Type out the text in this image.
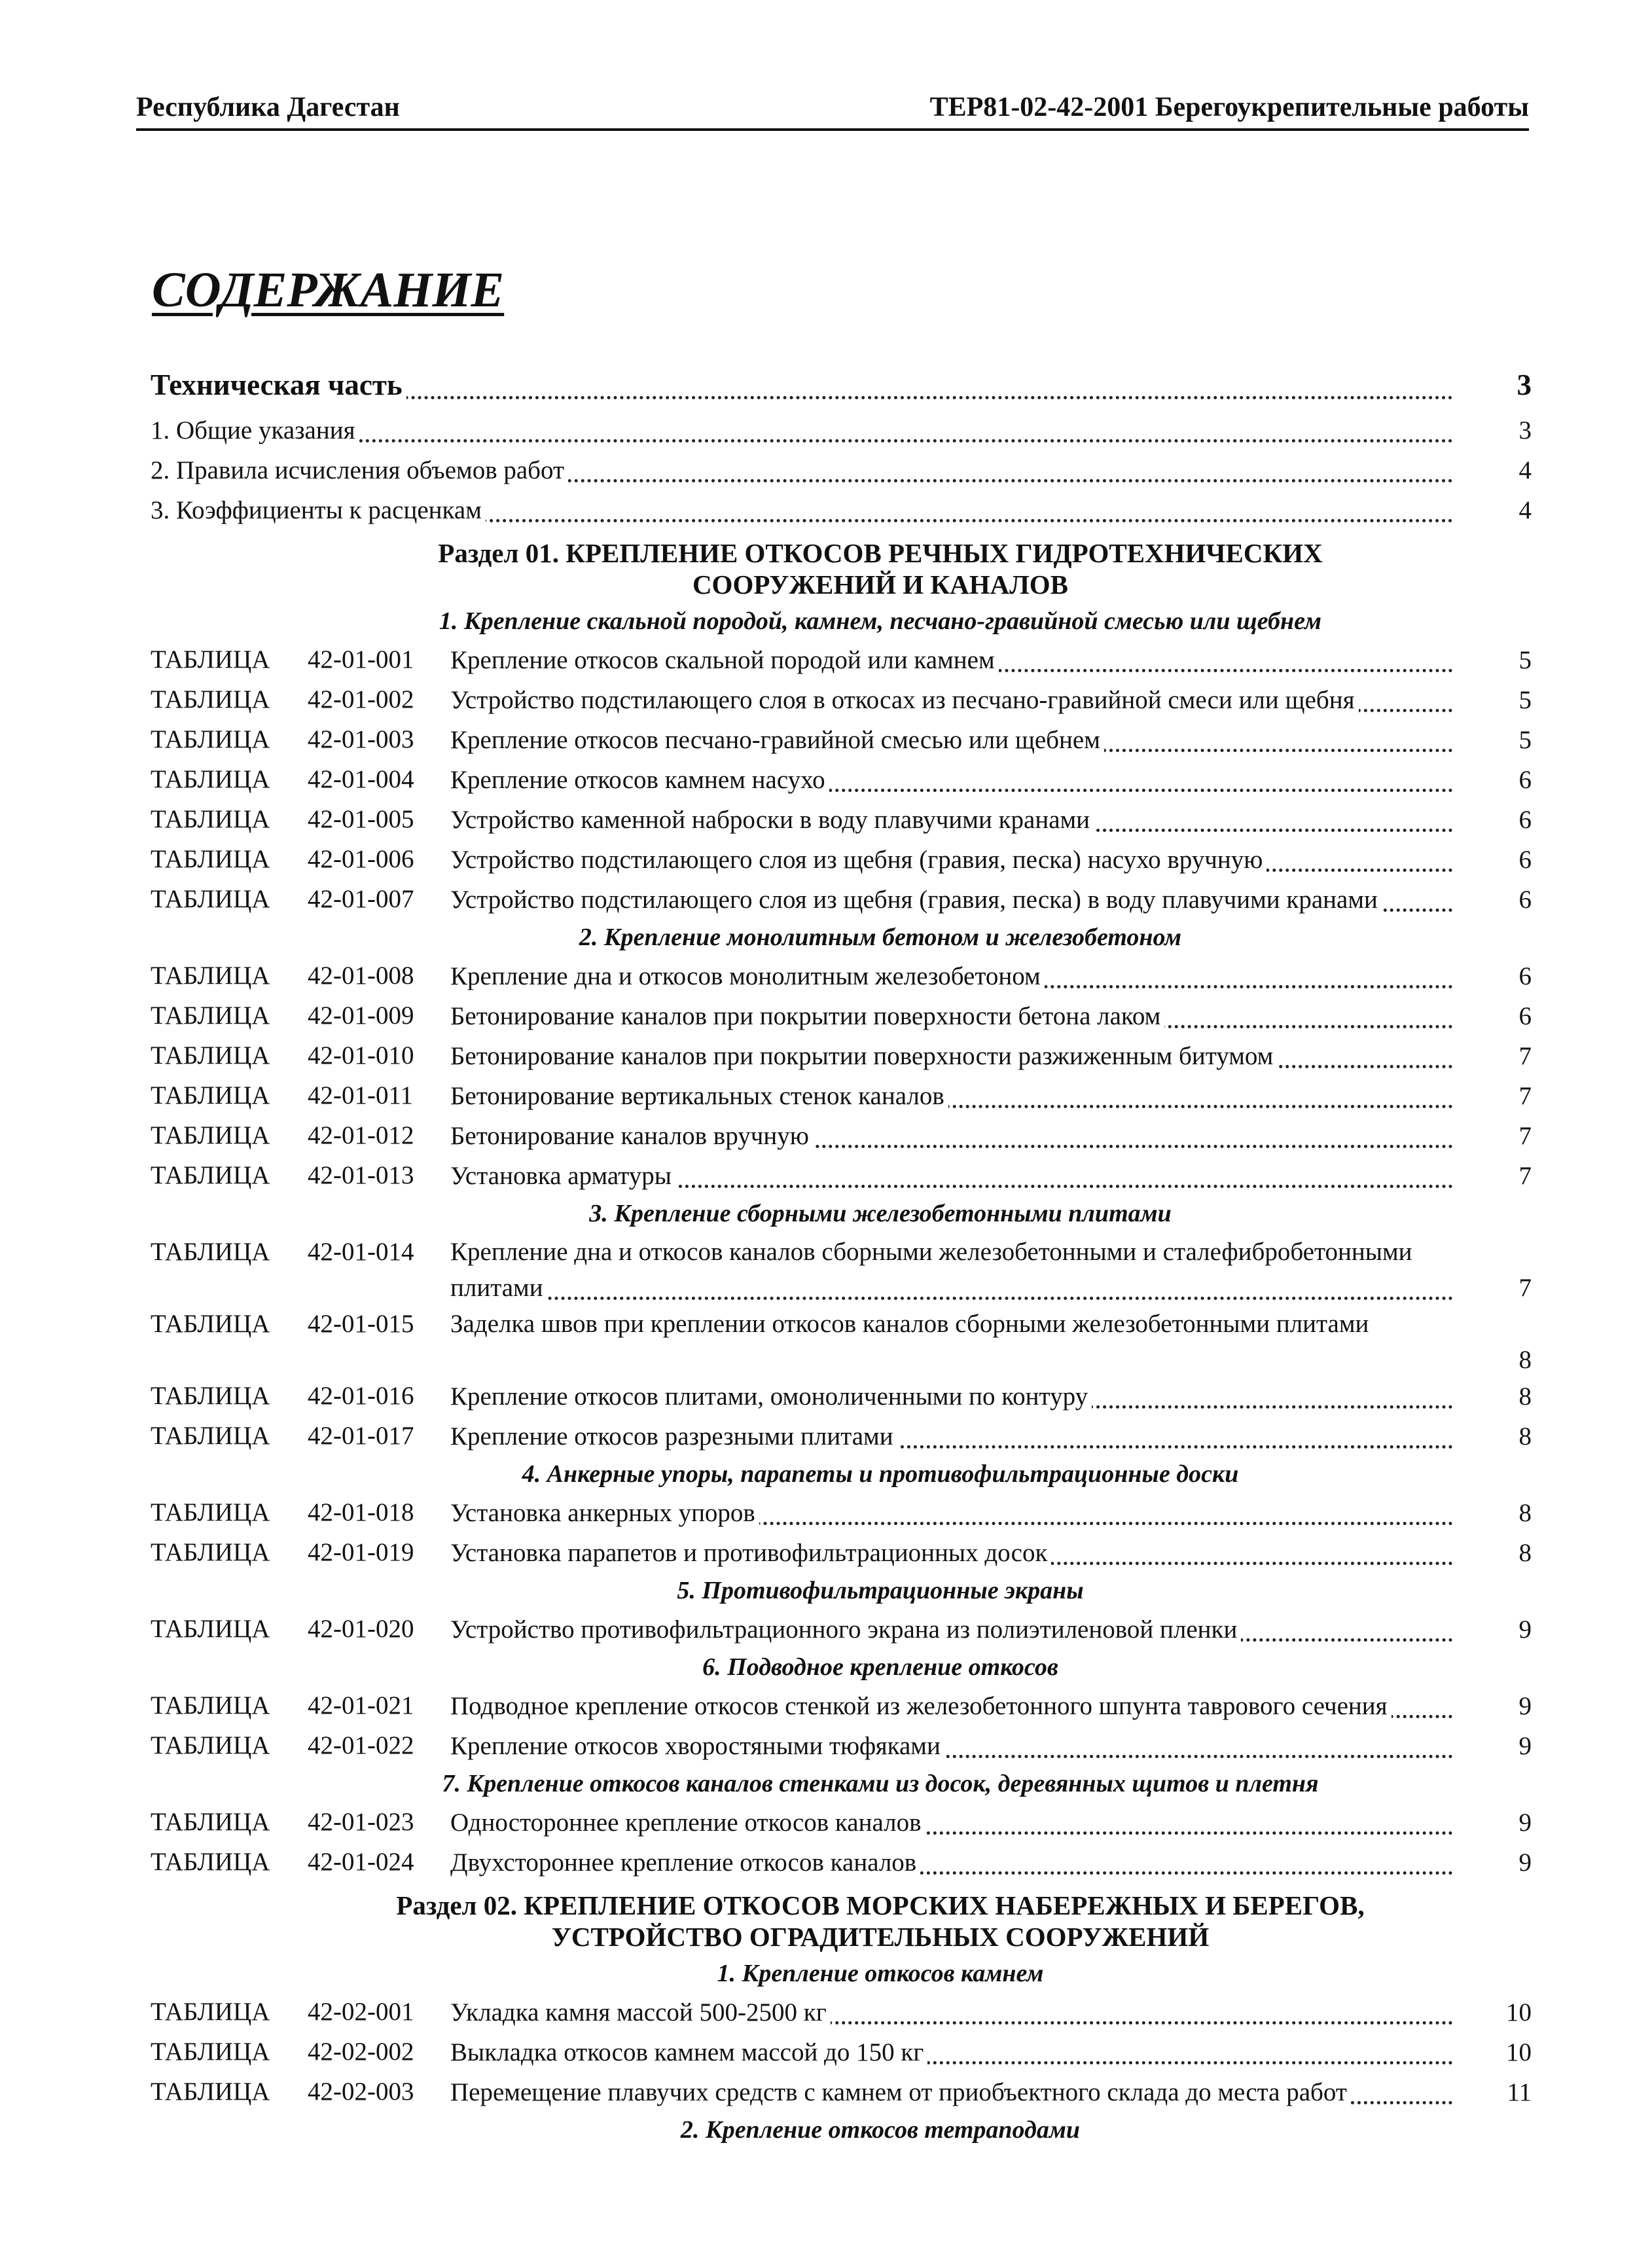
Республика Дагестан	ТЕР81-02-42-2001 Берегоукрепительные работы
СОДЕРЖАНИЕ
Техническая часть	3
1. Общие указания	3
2. Правила исчисления объемов работ	4
3. Коэффициенты к расценкам	4
Раздел 01. КРЕПЛЕНИЕ ОТКОСОВ РЕЧНЫХ ГИДРОТЕХНИЧЕСКИХ
СООРУЖЕНИЙ И КАНАЛОВ
1. Крепление скальной породой, камнем, песчано-гравийной смесью или щебнем
ТАБЛИЦА 42-01-001 Крепление откосов скальной породой или камнем	5
ТАБЛИЦА 42-01-002 Устройство подстилающего слоя в откосах из песчано-гравийной смеси или щебня	5
ТАБЛИЦА 42-01-003 Крепление откосов песчано-гравийной смесью или щебнем	5
ТАБЛИЦА 42-01-004 Крепление откосов камнем насухо	6
ТАБЛИЦА 42-01-005 Устройство каменной наброски в воду плавучими кранами	6
ТАБЛИЦА 42-01-006 Устройство подстилающего слоя из щебня (гравия, песка) насухо вручную	6
ТАБЛИЦА 42-01-007 Устройство подстилающего слоя из щебня (гравия, песка) в воду плавучими кранами	6
2. Крепление монолитным бетоном и железобетоном
ТАБЛИЦА 42-01-008 Крепление дна и откосов монолитным железобетоном	6
ТАБЛИЦА 42-01-009 Бетонирование каналов при покрытии поверхности бетона лаком	6
ТАБЛИЦА 42-01-010 Бетонирование каналов при покрытии поверхности разжиженным битумом	7
ТАБЛИЦА 42-01-011 Бетонирование вертикальных стенок каналов	7
ТАБЛИЦА 42-01-012 Бетонирование каналов вручную	7
ТАБЛИЦА 42-01-013 Установка арматуры	7
3. Крепление сборными железобетонными плитами
ТАБЛИЦА 42-01-014 Крепление дна и откосов каналов сборными железобетонными и сталефибробетонными
плитами	7
ТАБЛИЦА 42-01-015 Заделка швов при креплении откосов каналов сборными железобетонными плитами
8
ТАБЛИЦА 42-01-016 Крепление откосов плитами, омоноличенными по контуру	8
ТАБЛИЦА 42-01-017 Крепление откосов разрезными плитами	8
4. Анкерные упоры, парапеты и противофильтрационные доски
ТАБЛИЦА 42-01-018 Установка анкерных упоров	8
ТАБЛИЦА 42-01-019 Установка парапетов и противофильтрационных досок	8
5. Противофильтрационные экраны
ТАБЛИЦА 42-01-020 Устройство противофильтрационного экрана из полиэтиленовой пленки	9
6. Подводное крепление откосов
ТАБЛИЦА 42-01-021 Подводное крепление откосов стенкой из железобетонного шпунта таврового сечения	9
ТАБЛИЦА 42-01-022 Крепление откосов хворостяными тюфяками	9
7. Крепление откосов каналов стенками из досок, деревянных щитов и плетня
ТАБЛИЦА 42-01-023 Одностороннее крепление откосов каналов	9
ТАБЛИЦА 42-01-024 Двухстороннее крепление откосов каналов	9
Раздел 02. КРЕПЛЕНИЕ ОТКОСОВ МОРСКИХ НАБЕРЕЖНЫХ И БЕРЕГОВ,
УСТРОЙСТВО ОГРАДИТЕЛЬНЫХ СООРУЖЕНИЙ
1. Крепление откосов камнем
ТАБЛИЦА 42-02-001 Укладка камня массой 500-2500 кг	10
ТАБЛИЦА 42-02-002 Выкладка откосов камнем массой до 150 кг	10
ТАБЛИЦА 42-02-003 Перемещение плавучих средств с камнем от приобъектного склада до места работ	11
2. Крепление откосов тетраподами
